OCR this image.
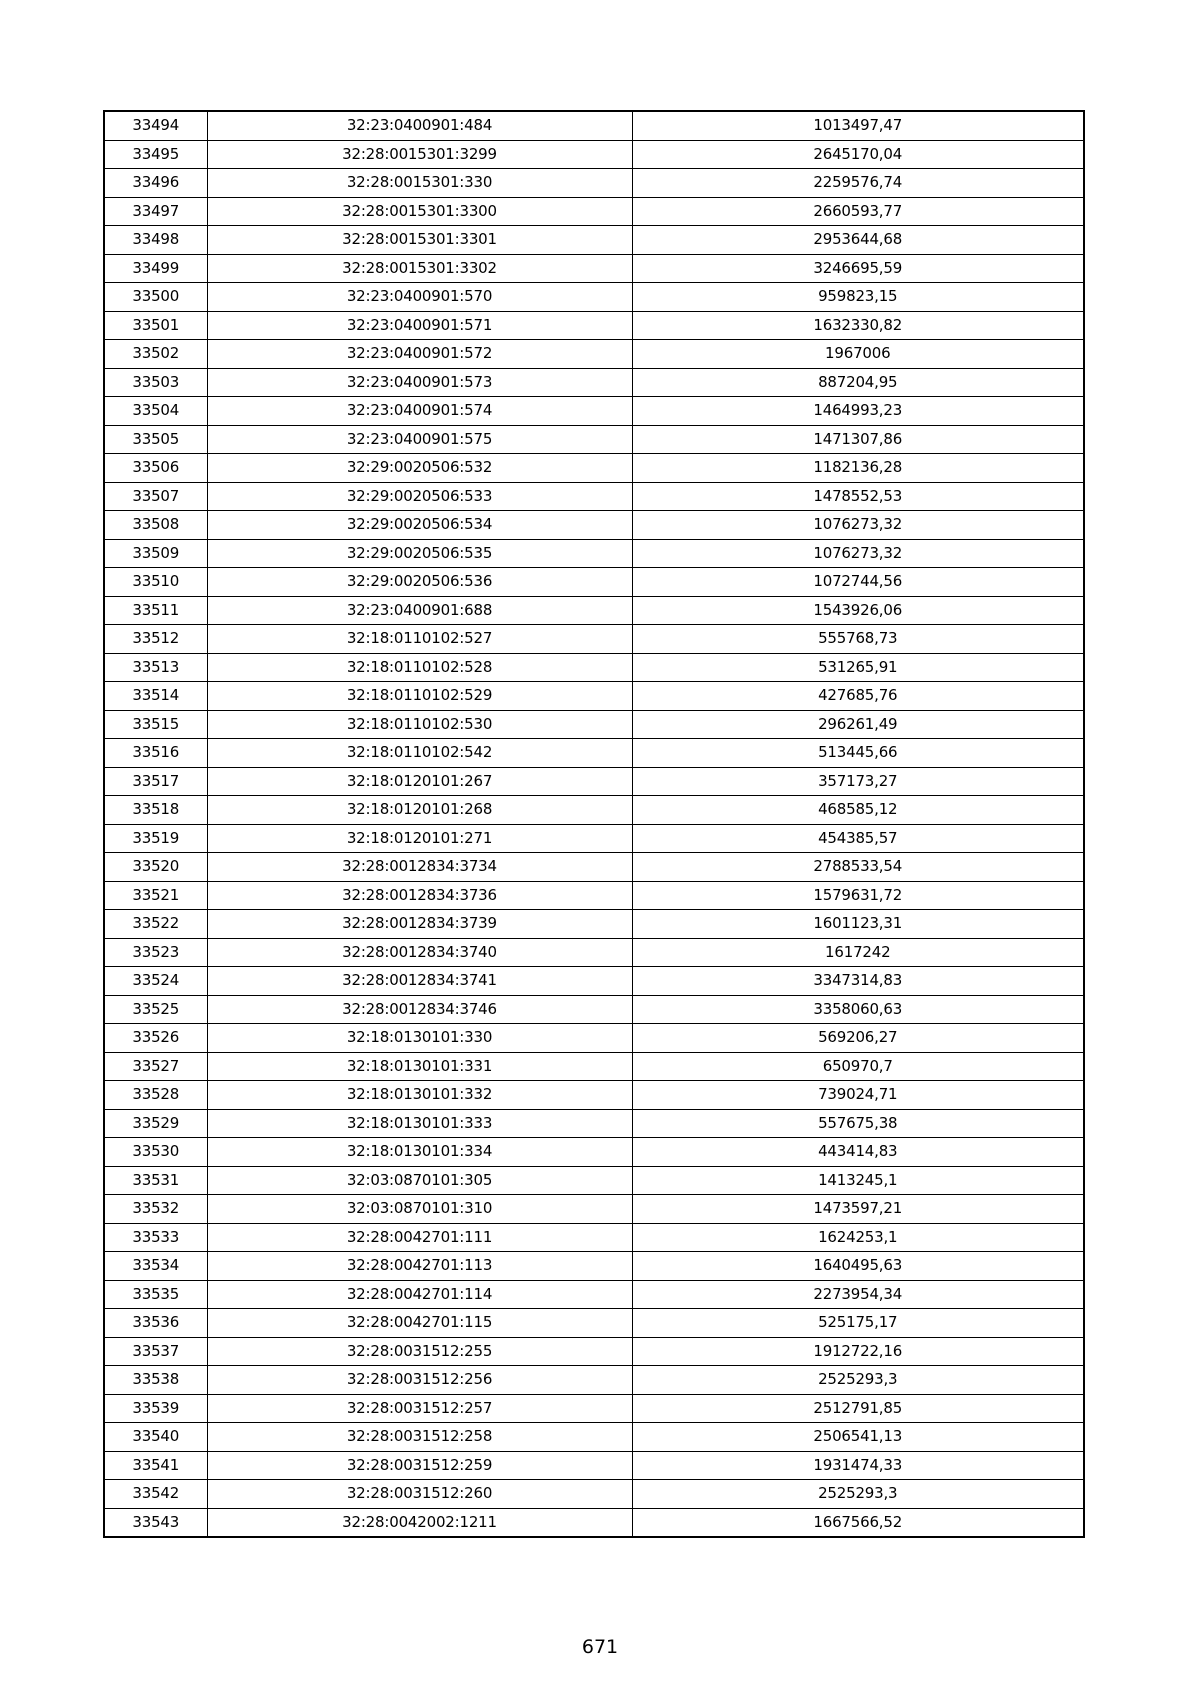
33494	32:23:0400901:484	1013497,47
33495	32:28:0015301:3299	2645170,04
33496	32:28:0015301:330	2259576,74
33497	32:28:0015301:3300	2660593,77
33498	32:28:0015301:3301	2953644,68
33499	32:28:0015301:3302	3246695,59
33500	32:23:0400901:570	959823,15
33501	32:23:0400901:571	1632330,82
33502	32:23:0400901:572	1967006
33503	32:23:0400901:573	887204,95
33504	32:23:0400901:574	1464993,23
33505	32:23:0400901:575	1471307,86
33506	32:29:0020506:532	1182136,28
33507	32:29:0020506:533	1478552,53
33508	32:29:0020506:534	1076273,32
33509	32:29:0020506:535	1076273,32
33510	32:29:0020506:536	1072744,56
33511	32:23:0400901:688	1543926,06
33512	32:18:0110102:527	555768,73
33513	32:18:0110102:528	531265,91
33514	32:18:0110102:529	427685,76
33515	32:18:0110102:530	296261,49
33516	32:18:0110102:542	513445,66
33517	32:18:0120101:267	357173,27
33518	32:18:0120101:268	468585,12
33519	32:18:0120101:271	454385,57
33520	32:28:0012834:3734	2788533,54
33521	32:28:0012834:3736	1579631,72
33522	32:28:0012834:3739	1601123,31
33523	32:28:0012834:3740	1617242
33524	32:28:0012834:3741	3347314,83
33525	32:28:0012834:3746	3358060,63
33526	32:18:0130101:330	569206,27
33527	32:18:0130101:331	650970,7
33528	32:18:0130101:332	739024,71
33529	32:18:0130101:333	557675,38
33530	32:18:0130101:334	443414,83
33531	32:03:0870101:305	1413245,1
33532	32:03:0870101:310	1473597,21
33533	32:28:0042701:111	1624253,1
33534	32:28:0042701:113	1640495,63
33535	32:28:0042701:114	2273954,34
33536	32:28:0042701:115	525175,17
33537	32:28:0031512:255	1912722,16
33538	32:28:0031512:256	2525293,3
33539	32:28:0031512:257	2512791,85
33540	32:28:0031512:258	2506541,13
33541	32:28:0031512:259	1931474,33
33542	32:28:0031512:260	2525293,3
33543	32:28:0042002:1211	1667566,52
671
